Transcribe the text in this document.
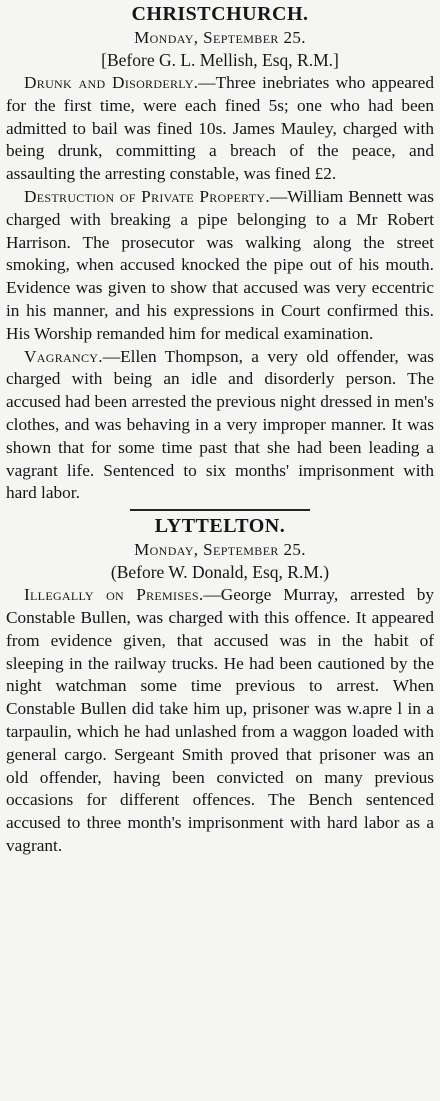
CHRISTCHURCH.
Monday, September 25.
[Before G. L. Mellish, Esq, R.M.]

Drunk and Disorderly.—Three inebriates who appeared for the first time, were each fined 5s; one who had been admitted to bail was fined 10s. James Mauley, charged with being drunk, committing a breach of the peace, and assaulting the arresting constable, was fined £2.

Destruction of Private Property.—William Bennett was charged with breaking a pipe belonging to a Mr Robert Harrison. The prosecutor was walking along the street smoking, when accused knocked the pipe out of his mouth. Evidence was given to show that accused was very eccentric in his manner, and his expressions in Court confirmed this. His Worship remanded him for medical examination.

Vagrancy.—Ellen Thompson, a very old offender, was charged with being an idle and disorderly person. The accused had been arrested the previous night dressed in men's clothes, and was behaving in a very improper manner. It was shown that for some time past that she had been leading a vagrant life. Sentenced to six months' imprisonment with hard labor.

LYTTELTON.
Monday, September 25.
(Before W. Donald, Esq, R.M.)

Illegally on Premises.—George Murray, arrested by Constable Bullen, was charged with this offence. It appeared from evidence given, that accused was in the habit of sleeping in the railway trucks. He had been cautioned by the night watchman some time previous to arrest. When Constable Bullen did take him up, prisoner was w.apre l in a tarpaulin, which he had unlashed from a waggon loaded with general cargo. Sergeant Smith proved that prisoner was an old offender, having been convicted on many previous occasions for different offences. The Bench sentenced accused to three month's imprisonment with hard labor as a vagrant.
